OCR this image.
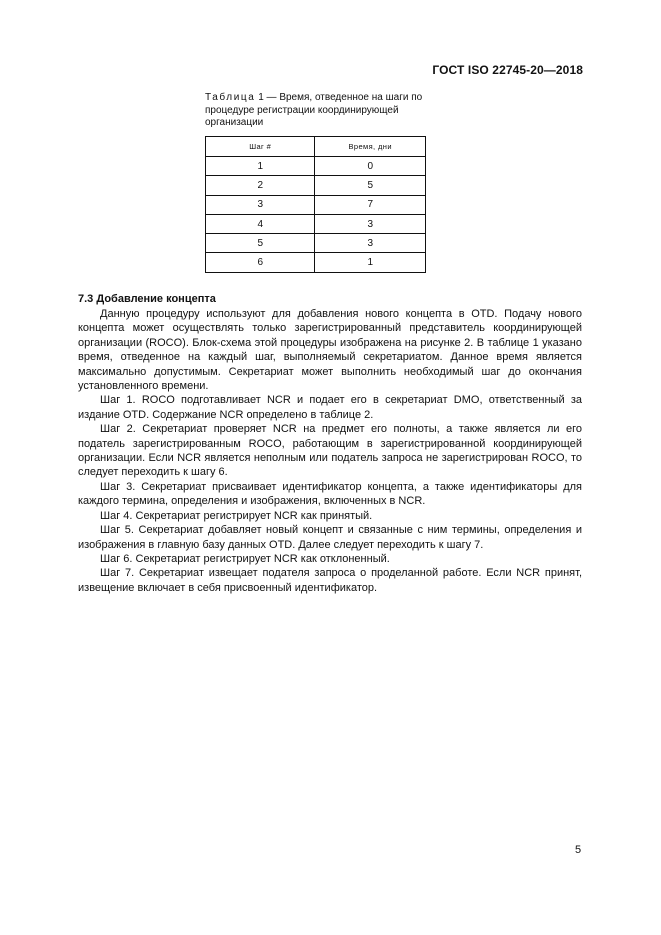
ГОСТ ISO 22745-20—2018
Таблица 1 — Время, отведенное на шаги по процедуре регистрации координирующей организации
Шаг #	Время, дни
1	0
2	5
3	7
4	3
5	3
6	1
7.3 Добавление концепта

Данную процедуру используют для добавления нового концепта в OTD. Подачу нового концепта может осуществлять только зарегистрированный представитель координирующей организации (ROCO). Блок-схема этой процедуры изображена на рисунке 2. В таблице 1 указано время, отведенное на каждый шаг, выполняемый секретариатом. Данное время является максимально допустимым. Секретариат может выполнить необходимый шаг до окончания установленного времени.

Шаг 1. ROCO подготавливает NCR и подает его в секретариат DMO, ответственный за издание OTD. Содержание NCR определено в таблице 2.

Шаг 2. Секретариат проверяет NCR на предмет его полноты, а также является ли его податель зарегистрированным ROCO, работающим в зарегистрированной координирующей организации. Если NCR является неполным или податель запроса не зарегистрирован ROCO, то следует переходить к шагу 6.

Шаг 3. Секретариат присваивает идентификатор концепта, а также идентификаторы для каждого термина, определения и изображения, включенных в NCR.

Шаг 4. Секретариат регистрирует NCR как принятый.

Шаг 5. Секретариат добавляет новый концепт и связанные с ним термины, определения и изображения в главную базу данных OTD. Далее следует переходить к шагу 7.

Шаг 6. Секретариат регистрирует NCR как отклоненный.

Шаг 7. Секретариат извещает подателя запроса о проделанной работе. Если NCR принят, извещение включает в себя присвоенный идентификатор.

5
